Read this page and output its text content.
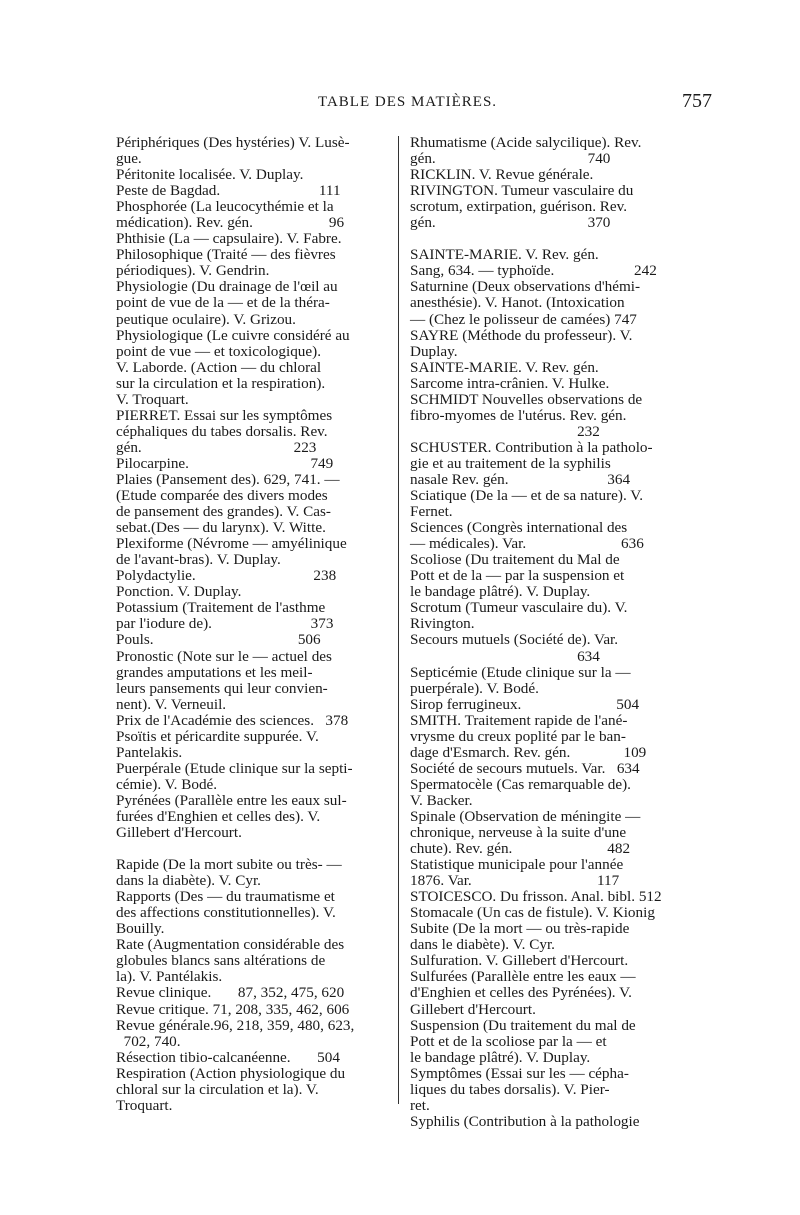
TABLE DES MATIÈRES.	757
Périphériques (Des hystéries) V. Lusè-
gue.
Péritonite localisée. V. Duplay.
Peste de Bagdad.                          111
Phosphorée (La leucocythémie et la
médication). Rev. gén.                    96
Phthisie (La — capsulaire). V. Fabre.
Philosophique (Traité — des fièvres
périodiques). V. Gendrin.
Physiologie (Du drainage de l'œil au
point de vue de la — et de la théra-
peutique oculaire). V. Grizou.
Physiologique (Le cuivre considéré au
point de vue — et toxicologique).
V. Laborde. (Action — du chloral
sur la circulation et la respiration).
V. Troquart.
PIERRET. Essai sur les symptômes
céphaliques du tabes dorsalis. Rev.
gén.                                        223
Pilocarpine.                                749
Plaies (Pansement des). 629, 741. —
(Etude comparée des divers modes
de pansement des grandes). V. Cas-
sebat.(Des — du larynx). V. Witte.
Plexiforme (Névrome — amyélinique
de l'avant-bras). V. Duplay.
Polydactylie.                               238
Ponction. V. Duplay.
Potassium (Traitement de l'asthme
par l'iodure de).                          373
Pouls.                                      506
Pronostic (Note sur le — actuel des
grandes amputations et les meil-
leurs pansements qui leur convien-
nent). V. Verneuil.
Prix de l'Académie des sciences.   378
Psoïtis et péricardite suppurée. V.
Pantelakis.
Puerpérale (Etude clinique sur la septi-
cémie). V. Bodé.
Pyrénées (Parallèle entre les eaux sul-
furées d'Enghien et celles des). V.
Gillebert d'Hercourt.
Rapide (De la mort subite ou très- —
dans la diabète). V. Cyr.
Rapports (Des — du traumatisme et
des affections constitutionnelles). V.
Bouilly.
Rate (Augmentation considérable des
globules blancs sans altérations de
la). V. Pantélakis.
Revue clinique.       87, 352, 475, 620
Revue critique. 71, 208, 335, 462, 606
Revue générale.96, 218, 359, 480, 623,
702, 740.
Résection tibio-calcanéenne.       504
Respiration (Action physiologique du
chloral sur la circulation et la). V.
Troquart.
Rhumatisme (Acide salycilique). Rev.
gén.                                        740
RICKLIN. V. Revue générale.
RIVINGTON. Tumeur vasculaire du
scrotum, extirpation, guérison. Rev.
gén.                                        370
SAINTE-MARIE. V. Rev. gén.
Sang, 634. — typhoïde.                     242
Saturnine (Deux observations d'hémi-
anesthésie). V. Hanot. (Intoxication
— (Chez le polisseur de camées) 747
SAYRE (Méthode du professeur). V.
Duplay.
SAINTE-MARIE. V. Rev. gén.
Sarcome intra-crânien. V. Hulke.
SCHMIDT Nouvelles observations de
fibro-myomes de l'utérus. Rev. gén.
232
SCHUSTER. Contribution à la patholo-
gie et au traitement de la syphilis
nasale Rev. gén.                          364
Sciatique (De la — et de sa nature). V.
Fernet.
Sciences (Congrès international des
— médicales). Var.                         636
Scoliose (Du traitement du Mal de
Pott et de la — par la suspension et
le bandage plâtré). V. Duplay.
Scrotum (Tumeur vasculaire du). V.
Rivington.
Secours mutuels (Société de). Var.
634
Septicémie (Etude clinique sur la —
puerpérale). V. Bodé.
Sirop ferrugineux.                         504
SMITH. Traitement rapide de l'ané-
vrysme du creux poplité par le ban-
dage d'Esmarch. Rev. gén.              109
Société de secours mutuels. Var.   634
Spermatocèle (Cas remarquable de).
V. Backer.
Spinale (Observation de méningite —
chronique, nerveuse à la suite d'une
chute). Rev. gén.                         482
Statistique municipale pour l'année
1876. Var.                                 117
STOICESCO. Du frisson. Anal. bibl. 512
Stomacale (Un cas de fistule). V. Kionig
Subite (De la mort — ou très-rapide
dans le diabète). V. Cyr.
Sulfuration. V. Gillebert d'Hercourt.
Sulfurées (Parallèle entre les eaux —
d'Enghien et celles des Pyrénées). V.
Gillebert d'Hercourt.
Suspension (Du traitement du mal de
Pott et de la scoliose par la — et
le bandage plâtré). V. Duplay.
Symptômes (Essai sur les — cépha-
liques du tabes dorsalis). V. Pier-
ret.
Syphilis (Contribution à la pathologie
